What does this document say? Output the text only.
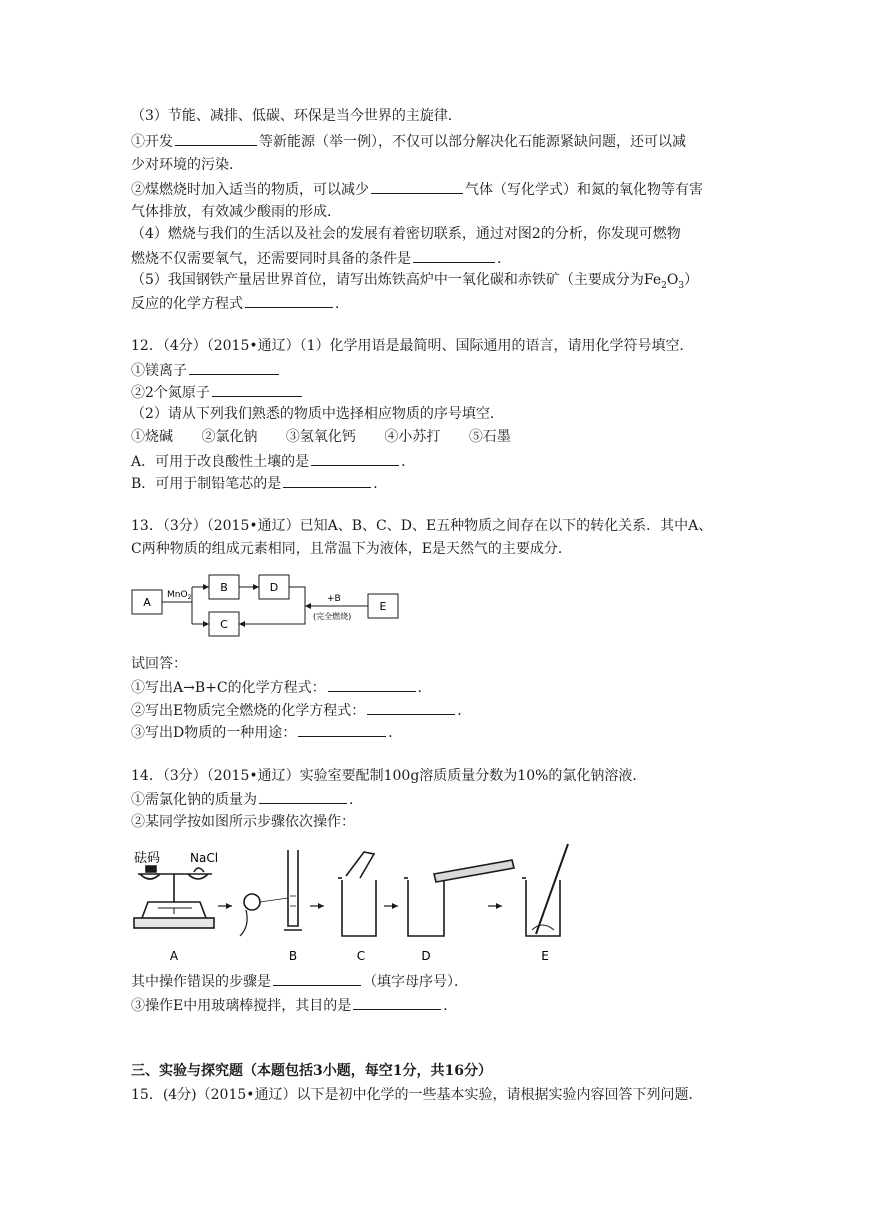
（3）节能、减排、低碳、环保是当今世界的主旋律．
①开发	等新能源（举一例），不仅可以部分解决化石能源紧缺问题，还可以减
少对环境的污染．
②煤燃烧时加入适当的物质，可以减少	气体（写化学式）和氮的氧化物等有害
气体排放，有效减少酸雨的形成．
（4）燃烧与我们的生活以及社会的发展有着密切联系，通过对图2的分析，你发现可燃物
燃烧不仅需要氧气，还需要同时具备的条件是	．
（5）我国钢铁产量居世界首位，请写出炼铁高炉中一氧化碳和赤铁矿（主要成分为$Fe_2O_3$）
反应的化学方程式	．
12．（4分）（2015•通辽）（1）化学用语是最简明、国际通用的语言，请用化学符号填空．
①镁离子
②2个氮原子
（2）请从下列我们熟悉的物质中选择相应物质的序号填空．
①烧碱 ②氯化钠 ③氢氧化钙 ④小苏打 ⑤石墨
A．可用于改良酸性土壤的是	．
B．可用于制铅笔芯的是	．
13．（3分）（2015•通辽）已知A、B、C、D、E五种物质之间存在以下的转化关系．其中A、
C两种物质的组成元素相同，且常温下为液体，E是天然气的主要成分．
A
B	D
C
E
MnO$_2$	+B
(完全燃烧)
试回答：
①写出A→B+C的化学方程式：	．
②写出E物质完全燃烧的化学方程式：	．
③写出D物质的一种用途：	．
14．（3分）（2015•通辽）实验室要配制100g溶质质量分数为10%的氯化钠溶液．
①需氯化钠的质量为	．
②某同学按如图所示步骤依次操作：
砝码 NaCl
A	B	C	D	E
其中操作错误的步骤是	（填字母序号）．
③操作E中用玻璃棒搅拌，其目的是	．
三、实验与探究题（本题包括3小题，每空1分，共16分）
15．(4分)（2015•通辽）以下是初中化学的一些基本实验，请根据实验内容回答下列问题．
